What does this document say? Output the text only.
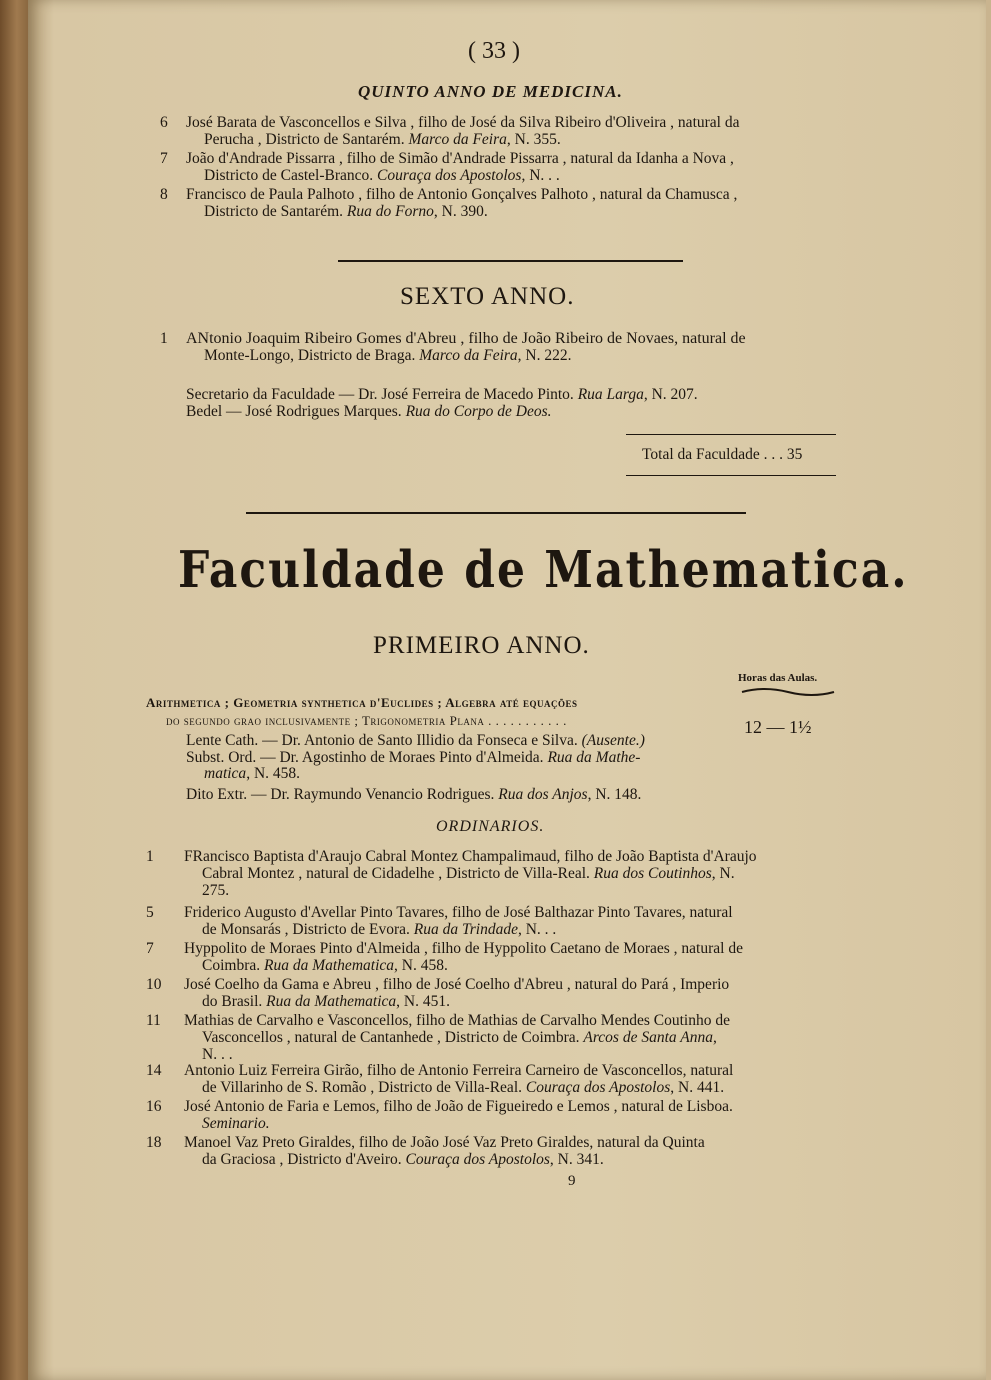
( 33 )
QUINTO ANNO DE MEDICINA.
6 José Barata de Vasconcellos e Silva , filho de José da Silva Ribeiro d'Oliveira , natural da
Perucha , Districto de Santarém. Marco da Feira, N. 355.
7 João d'Andrade Pissarra , filho de Simão d'Andrade Pissarra , natural da Idanha a Nova ,
Districto de Castel-Branco. Couraça dos Apostolos, N. . .
8 Francisco de Paula Palhoto , filho de Antonio Gonçalves Palhoto , natural da Chamusca ,
Districto de Santarém. Rua do Forno, N. 390.
SEXTO ANNO.
1 ANtonio Joaquim Ribeiro Gomes d'Abreu , filho de João Ribeiro de Novaes, natural de
Monte-Longo, Districto de Braga. Marco da Feira, N. 222.
Secretario da Faculdade — Dr. José Ferreira de Macedo Pinto. Rua Larga, N. 207.
Bedel — José Rodrigues Marques. Rua do Corpo de Deos.
Total da Faculdade . . . 35
Faculdade de Mathematica.
PRIMEIRO ANNO.
Horas das Aulas.
Arithmetica ; Geometria synthetica d'Euclides ; Algebra até equações
do segundo grao inclusivamente ; Trigonometria Plana . . . . . . . . . . .	12 — 1½
Lente Cath. — Dr. Antonio de Santo Illidio da Fonseca e Silva. (Ausente.)
Subst. Ord. — Dr. Agostinho de Moraes Pinto d'Almeida. Rua da Mathe-
matica, N. 458.
Dito Extr. — Dr. Raymundo Venancio Rodrigues. Rua dos Anjos, N. 148.
ORDINARIOS.
1 FRancisco Baptista d'Araujo Cabral Montez Champalimaud, filho de João Baptista d'Araujo
Cabral Montez , natural de Cidadelhe , Districto de Villa-Real. Rua dos Coutinhos, N.
275.
5 Friderico Augusto d'Avellar Pinto Tavares, filho de José Balthazar Pinto Tavares, natural
de Monsarás , Districto de Evora. Rua da Trindade, N. . .
7 Hyppolito de Moraes Pinto d'Almeida , filho de Hyppolito Caetano de Moraes , natural de
Coimbra. Rua da Mathematica, N. 458.
10 José Coelho da Gama e Abreu , filho de José Coelho d'Abreu , natural do Pará , Imperio
do Brasil. Rua da Mathematica, N. 451.
11 Mathias de Carvalho e Vasconcellos, filho de Mathias de Carvalho Mendes Coutinho de
Vasconcellos , natural de Cantanhede , Districto de Coimbra. Arcos de Santa Anna,
N. . .
14 Antonio Luiz Ferreira Girão, filho de Antonio Ferreira Carneiro de Vasconcellos, natural
de Villarinho de S. Romão , Districto de Villa-Real. Couraça dos Apostolos, N. 441.
16 José Antonio de Faria e Lemos, filho de João de Figueiredo e Lemos , natural de Lisboa.
Seminario.
18 Manoel Vaz Preto Giraldes, filho de João José Vaz Preto Giraldes, natural da Quinta
da Graciosa , Districto d'Aveiro. Couraça dos Apostolos, N. 341.
9
